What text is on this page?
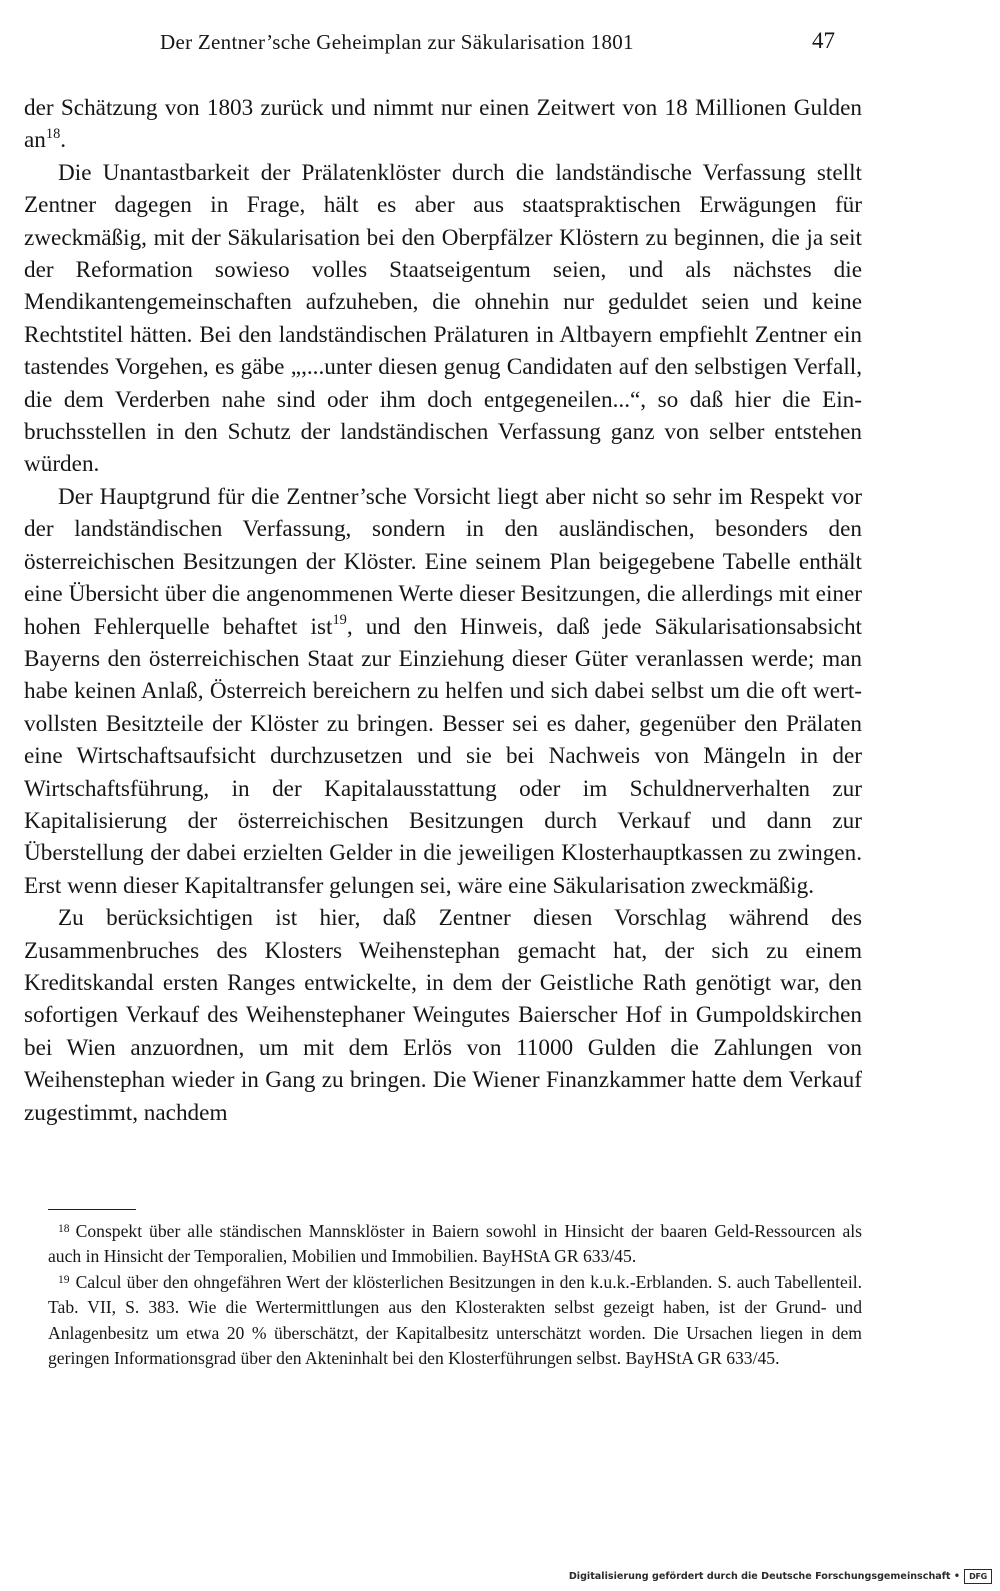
Der Zentner’sche Geheimplan zur Säkularisation 1801	47

der Schätzung von 1803 zurück und nimmt nur einen Zeitwert von 18 Millionen Gulden $an^{18}$.

Die Unantastbarkeit der Prälatenklöster durch die landständische Verfassung stellt Zentner dagegen in Frage, hält es aber aus staatspraktischen Erwägungen für zweckmäßig, mit der Säkularisation bei den Oberpfälzer Klöstern zu beginnen, die ja seit der Reformation sowieso volles Staatseigentum seien, und als nächstes die Mendikantengemeinschaften aufzuheben, die ohnehin nur geduldet seien und keine Rechtstitel hätten. Bei den landständischen Prälaturen in Altbayern empfiehlt Zentner ein tastendes Vorgehen, es gäbe „,...unter diesen genug Candidaten auf den selbstigen Verfall, die dem Verderben nahe sind oder ihm doch entgegeneilen...“, so daß hier die Einbruchsstellen in den Schutz der landständischen Verfassung ganz von selber entstehen würden.

Der Hauptgrund für die Zentner’sche Vorsicht liegt aber nicht so sehr im Respekt vor der landständischen Verfassung, sondern in den ausländischen, besonders den österreichischen Besitzungen der Klöster. Eine seinem Plan beigegebene Tabelle enthält eine Übersicht über die angenommenen Werte dieser Besitzungen, die allerdings mit einer hohen Fehlerquelle behaftet ist$^{19}$, und den Hinweis, daß jede Säkularisationsabsicht Bayerns den österreichischen Staat zur Einziehung dieser Güter veranlassen werde; man habe keinen Anlaß, Österreich bereichern zu helfen und sich dabei selbst um die oft wertvollsten Besitzteile der Klöster zu bringen. Besser sei es daher, gegenüber den Prälaten eine Wirtschaftsaufsicht durchzusetzen und sie bei Nachweis von Mängeln in der Wirtschaftsführung, in der Kapitalausstattung oder im Schuldnerverhalten zur Kapitalisierung der österreichischen Besitzungen durch Verkauf und dann zur Überstellung der dabei erzielten Gelder in die jeweiligen Klosterhauptkassen zu zwingen. Erst wenn dieser Kapitaltransfer gelungen sei, wäre eine Säkularisation zweckmäßig.

Zu berücksichtigen ist hier, daß Zentner diesen Vorschlag während des Zusammenbruches des Klosters Weihenstephan gemacht hat, der sich zu einem Kreditskandal ersten Ranges entwickelte, in dem der Geistliche Rath genötigt war, den sofortigen Verkauf des Weihenstephaner Weingutes Baierscher Hof in Gumpoldskirchen bei Wien anzuordnen, um mit dem Erlös von 11000 Gulden die Zahlungen von Weihenstephan wieder in Gang zu bringen. Die Wiener Finanzkammer hatte dem Verkauf zugestimmt, nachdem

$^{18}$ Conspekt über alle ständischen Mannsklöster in Baiern sowohl in Hinsicht der baaren Geld-Ressourcen als auch in Hinsicht der Temporalien, Mobilien und Immobilien. BayHStA GR 633/45.

$^{19}$ Calcul über den ohngefähren Wert der klösterlichen Besitzungen in den k.u.k.-Erblanden. S. auch Tabellenteil. Tab. VII, S. 383. Wie die Wertermittlungen aus den Klosterakten selbst gezeigt haben, ist der Grund- und Anlagenbesitz um etwa 20 % überschätzt, der Kapitalbesitz unterschätzt worden. Die Ursachen liegen in dem geringen Informationsgrad über den Akteninhalt bei den Klosterführungen selbst. BayHStA GR 633/45.

Digitalisierung gefördert durch die Deutsche Forschungsgemeinschaft •	DFG
